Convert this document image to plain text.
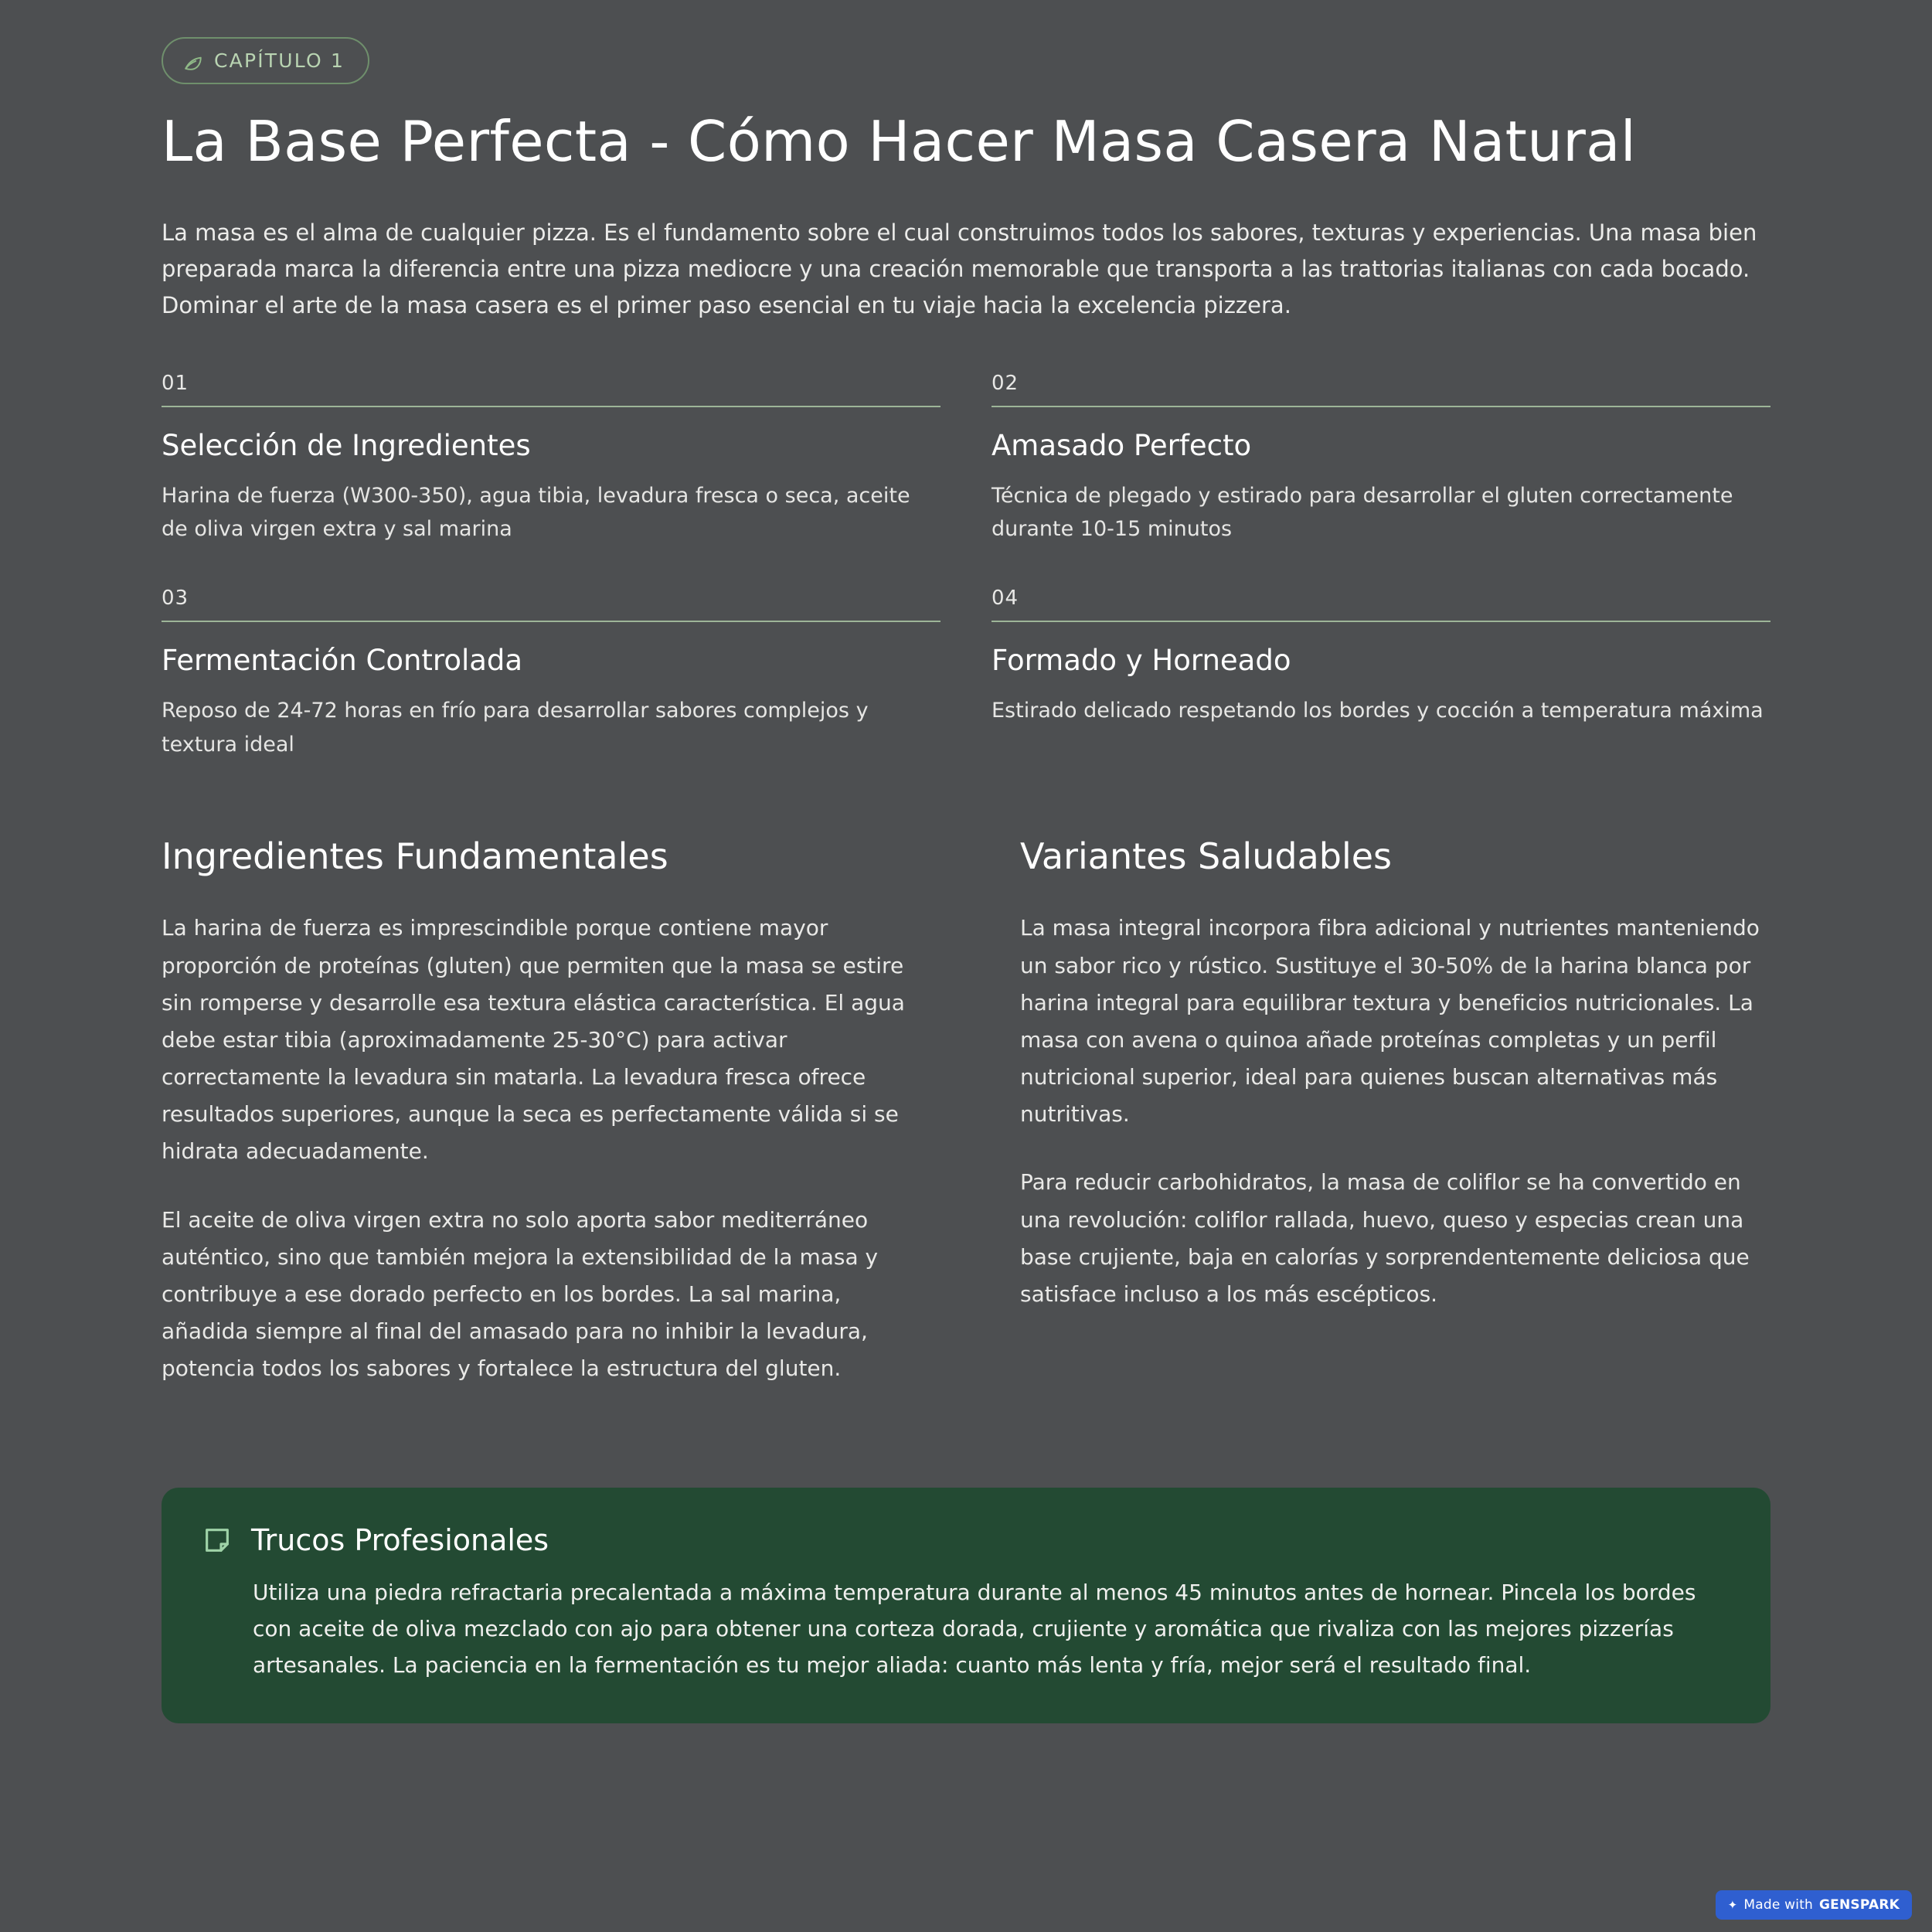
CAPÍTULO 1
La Base Perfecta - Cómo Hacer Masa Casera Natural

La masa es el alma de cualquier pizza. Es el fundamento sobre el cual construimos todos los sabores, texturas y experiencias. Una masa bien preparada marca la diferencia entre una pizza mediocre y una creación memorable que transporta a las trattorias italianas con cada bocado. Dominar el arte de la masa casera es el primer paso esencial en tu viaje hacia la excelencia pizzera.

01
Selección de Ingredientes

Harina de fuerza (W300-350), agua tibia, levadura fresca o seca, aceite de oliva virgen extra y sal marina

02
Amasado Perfecto

Técnica de plegado y estirado para desarrollar el gluten correctamente durante 10-15 minutos

03
Fermentación Controlada

Reposo de 24-72 horas en frío para desarrollar sabores complejos y textura ideal

04
Formado y Horneado

Estirado delicado respetando los bordes y cocción a temperatura máxima

Ingredientes Fundamentales

La harina de fuerza es imprescindible porque contiene mayor proporción de proteínas (gluten) que permiten que la masa se estire sin romperse y desarrolle esa textura elástica característica. El agua debe estar tibia (aproximadamente 25-30°C) para activar correctamente la levadura sin matarla. La levadura fresca ofrece resultados superiores, aunque la seca es perfectamente válida si se hidrata adecuadamente.

El aceite de oliva virgen extra no solo aporta sabor mediterráneo auténtico, sino que también mejora la extensibilidad de la masa y contribuye a ese dorado perfecto en los bordes. La sal marina, añadida siempre al final del amasado para no inhibir la levadura, potencia todos los sabores y fortalece la estructura del gluten.

Variantes Saludables

La masa integral incorpora fibra adicional y nutrientes manteniendo un sabor rico y rústico. Sustituye el 30-50% de la harina blanca por harina integral para equilibrar textura y beneficios nutricionales. La masa con avena o quinoa añade proteínas completas y un perfil nutricional superior, ideal para quienes buscan alternativas más nutritivas.

Para reducir carbohidratos, la masa de coliflor se ha convertido en una revolución: coliflor rallada, huevo, queso y especias crean una base crujiente, baja en calorías y sorprendentemente deliciosa que satisface incluso a los más escépticos.

Trucos Profesionales

Utiliza una piedra refractaria precalentada a máxima temperatura durante al menos 45 minutos antes de hornear. Pincela los bordes con aceite de oliva mezclado con ajo para obtener una corteza dorada, crujiente y aromática que rivaliza con las mejores pizzerías artesanales. La paciencia en la fermentación es tu mejor aliada: cuanto más lenta y fría, mejor será el resultado final.

✦ Made with GENSPARK
